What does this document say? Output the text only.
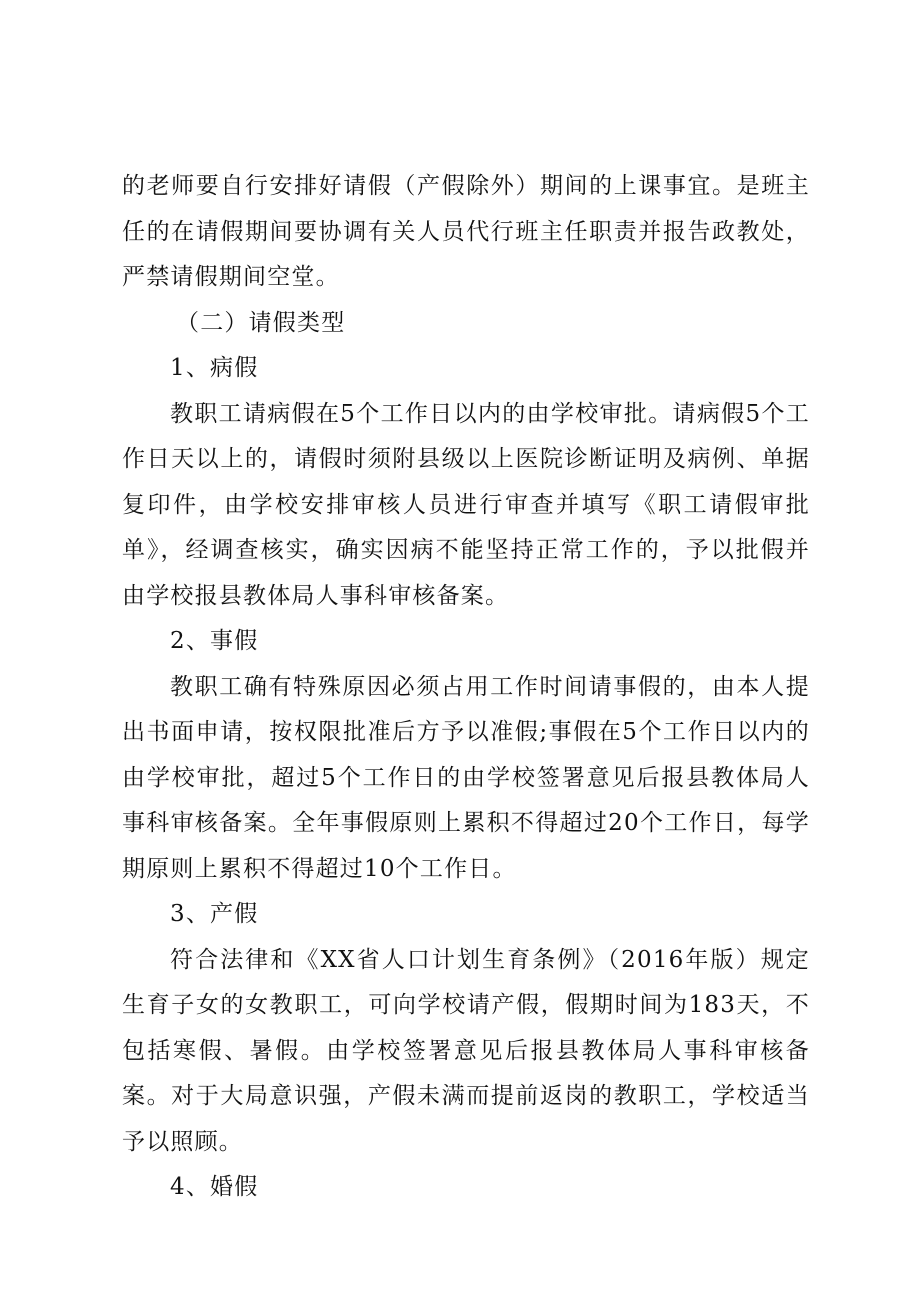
的老师要自行安排好请假（产假除外）期间的上课事宜。是班主任的在请假期间要协调有关人员代行班主任职责并报告政教处，严禁请假期间空堂。

（二）请假类型

1、病假

教职工请病假在5个工作日以内的由学校审批。请病假5个工作日天以上的，请假时须附县级以上医院诊断证明及病例、单据复印件，由学校安排审核人员进行审查并填写《职工请假审批单》，经调查核实，确实因病不能坚持正常工作的，予以批假并由学校报县教体局人事科审核备案。

2、事假

教职工确有特殊原因必须占用工作时间请事假的，由本人提出书面申请，按权限批准后方予以准假;事假在5个工作日以内的由学校审批，超过5个工作日的由学校签署意见后报县教体局人事科审核备案。全年事假原则上累积不得超过20个工作日，每学期原则上累积不得超过10个工作日。

3、产假

符合法律和《XX省人口计划生育条例》（2016年版）规定生育子女的女教职工，可向学校请产假，假期时间为183天，不包括寒假、暑假。由学校签署意见后报县教体局人事科审核备案。对于大局意识强，产假未满而提前返岗的教职工，学校适当予以照顾。

4、婚假
